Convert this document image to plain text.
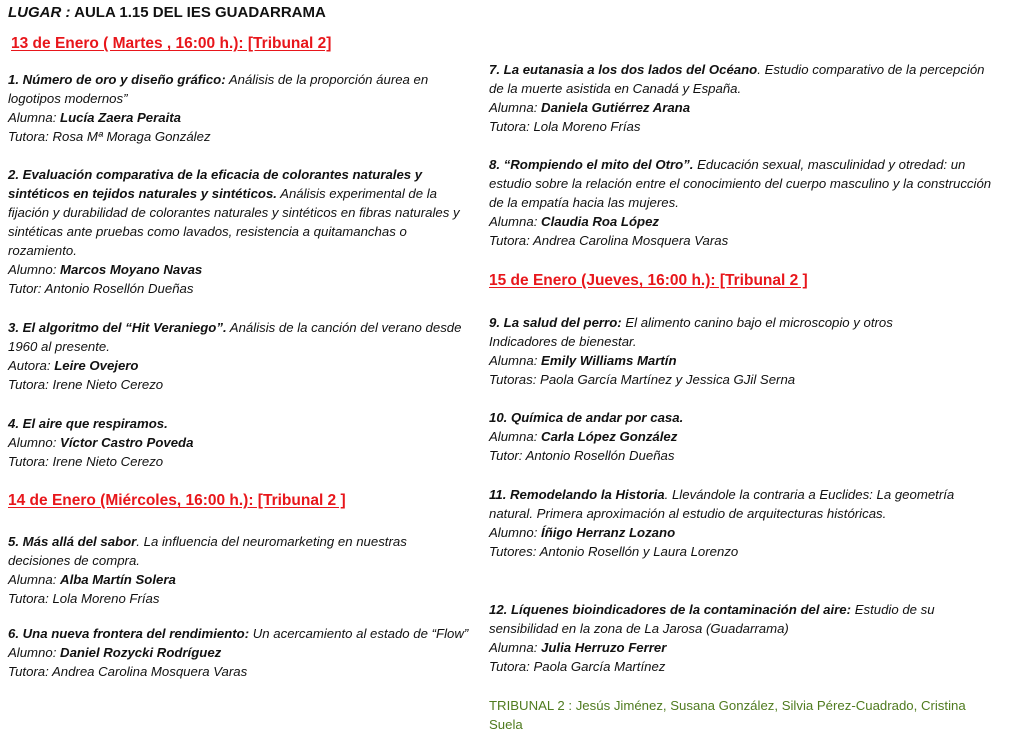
LUGAR : AULA 1.15 DEL IES GUADARRAMA
13 de Enero ( Martes , 16:00 h.): [Tribunal 2]
14 de Enero (Miércoles, 16:00 h.): [Tribunal 2 ]
15 de Enero (Jueves, 16:00 h.): [Tribunal 2 ]
1. Número de oro y diseño gráfico: Análisis de la proporción áurea en logotipos modernos”
Alumna: Lucía Zaera Peraita
Tutora: Rosa Mª Moraga González
2. Evaluación comparativa de la eficacia de colorantes naturales y sintéticos en tejidos naturales y sintéticos. Análisis experimental de la fijación y durabilidad de colorantes naturales y sintéticos en fibras naturales y sintéticas ante pruebas como lavados, resistencia a quitamanchas o rozamiento.
Alumno: Marcos Moyano Navas
Tutor: Antonio Rosellón Dueñas
3. El algoritmo del “Hit Veraniego”. Análisis de la canción del verano desde 1960 al presente.
Autora: Leire Ovejero
Tutora: Irene Nieto Cerezo
4. El aire que respiramos.
Alumno: Víctor Castro Poveda
Tutora: Irene Nieto Cerezo
5. Más allá del sabor. La influencia del neuromarketing en nuestras decisiones de compra.
Alumna: Alba Martín Solera
Tutora: Lola Moreno Frías
6. Una nueva frontera del rendimiento: Un acercamiento al estado de “Flow”
Alumno: Daniel Rozycki Rodríguez
Tutora: Andrea Carolina Mosquera Varas
7. La eutanasia a los dos lados del Océano. Estudio comparativo de la percepción de la muerte asistida en Canadá y España.
Alumna: Daniela Gutiérrez Arana
Tutora: Lola Moreno Frías
8. “Rompiendo el mito del Otro”. Educación sexual, masculinidad y otredad: un estudio sobre la relación entre el conocimiento del cuerpo masculino y la construcción de la empatía hacia las mujeres.
Alumna: Claudia Roa López
Tutora: Andrea Carolina Mosquera Varas
9. La salud del perro: El alimento canino bajo el microscopio y otros Indicadores de bienestar.
Alumna: Emily Williams Martín
Tutoras: Paola García Martínez y Jessica GJil Serna
10. Química de andar por casa.
Alumna: Carla López González
Tutor: Antonio Rosellón Dueñas
11. Remodelando la Historia. Llevándole la contraria a Euclides: La geometría natural. Primera aproximación al estudio de arquitecturas históricas.
Alumno: Íñigo Herranz Lozano
Tutores: Antonio Rosellón y Laura Lorenzo
12. Líquenes bioindicadores de la contaminación del aire: Estudio de su sensibilidad en la zona de La Jarosa (Guadarrama)
Alumna: Julia Herruzo Ferrer
Tutora: Paola García Martínez
TRIBUNAL 2 : Jesús Jiménez, Susana González, Silvia Pérez-Cuadrado, Cristina Suela
